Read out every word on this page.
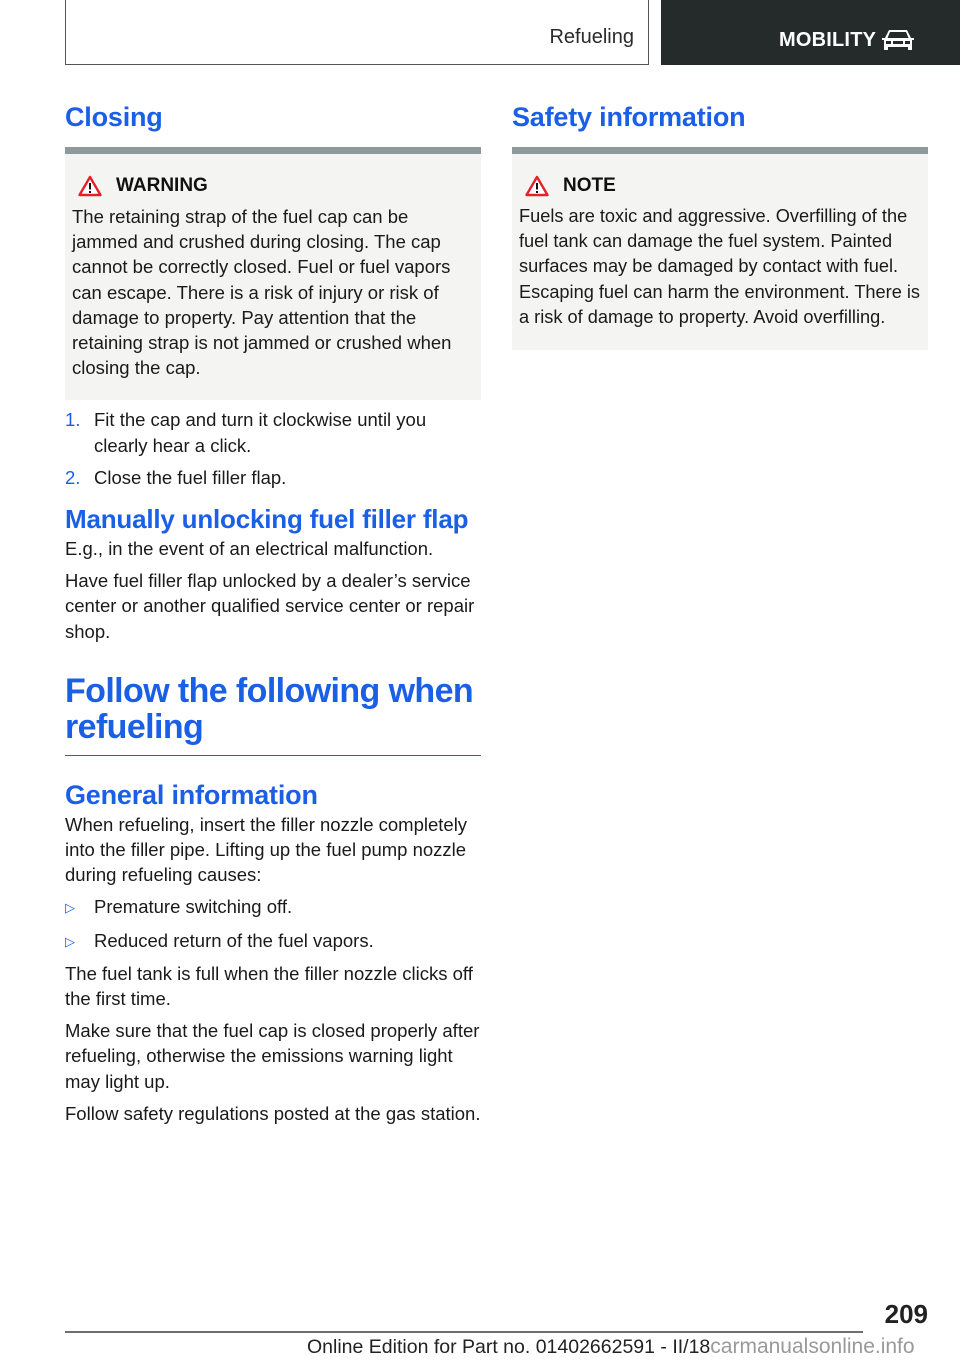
Refueling	MOBILITY
Closing
WARNING
The retaining strap of the fuel cap can be jammed and crushed during closing. The cap cannot be correctly closed. Fuel or fuel vapors can escape. There is a risk of injury or risk of damage to property. Pay attention that the retaining strap is not jammed or crushed when closing the cap.
1. Fit the cap and turn it clockwise until you clearly hear a click.
2. Close the fuel filler flap.
Manually unlocking fuel filler flap

E.g., in the event of an electrical malfunction.

Have fuel filler flap unlocked by a dealer’s service center or another qualified service center or repair shop.

Follow the following when refueling
General information

When refueling, insert the filler nozzle completely into the filler pipe. Lifting up the fuel pump nozzle during refueling causes:

▷	Premature switching off.
▷	Reduced return of the fuel vapors.

The fuel tank is full when the filler nozzle clicks off the first time.

Make sure that the fuel cap is closed properly after refueling, otherwise the emissions warning light may light up.

Follow safety regulations posted at the gas station.

Safety information
NOTE
Fuels are toxic and aggressive. Overfilling of the fuel tank can damage the fuel system. Painted surfaces may be damaged by contact with fuel. Escaping fuel can harm the environment. There is a risk of damage to property. Avoid overfilling.
209
Online Edition for Part no. 01402662591 - II/18carmanualsonline.info
